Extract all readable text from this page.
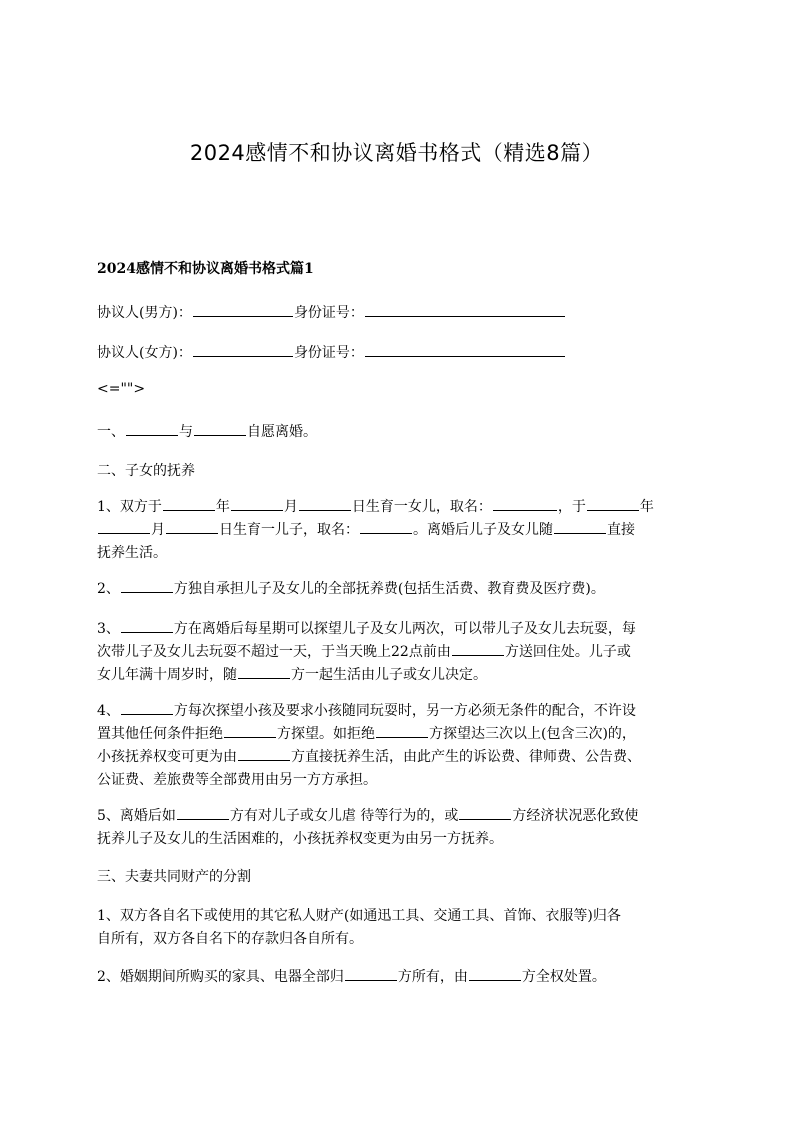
2024感情不和协议离婚书格式（精选8篇）
2024感情不和协议离婚书格式篇1
协议人(男方)：	身份证号：
协议人(女方)：	身份证号：
<="">
一、	与	自愿离婚。
二、子女的抚养
1、双方于	年	月	日生育一女儿，取名：	，于	年
月	日生育一儿子，取名：	。离婚后儿子及女儿随	直接
抚养生活。
2、	方独自承担儿子及女儿的全部抚养费(包括生活费、教育费及医疗费)。
3、	方在离婚后每星期可以探望儿子及女儿两次，可以带儿子及女儿去玩耍，每
次带儿子及女儿去玩耍不超过一天，于当天晚上22点前由	方送回住处。儿子或
女儿年满十周岁时，随	方一起生活由儿子或女儿决定。
4、	方每次探望小孩及要求小孩随同玩耍时，另一方必须无条件的配合，不许设
置其他任何条件拒绝	方探望。如拒绝	方探望达三次以上(包含三次)的，
小孩抚养权变可更为由	方直接抚养生活，由此产生的诉讼费、律师费、公告费、
公证费、差旅费等全部费用由另一方方承担。
5、离婚后如	方有对儿子或女儿虐 待等行为的，或	方经济状况恶化致使
抚养儿子及女儿的生活困难的，小孩抚养权变更为由另一方抚养。
三、夫妻共同财产的分割
1、双方各自名下或使用的其它私人财产(如通迅工具、交通工具、首饰、衣服等)归各
自所有，双方各自名下的存款归各自所有。
2、婚姻期间所购买的家具、电器全部归	方所有，由	方全权处置。
